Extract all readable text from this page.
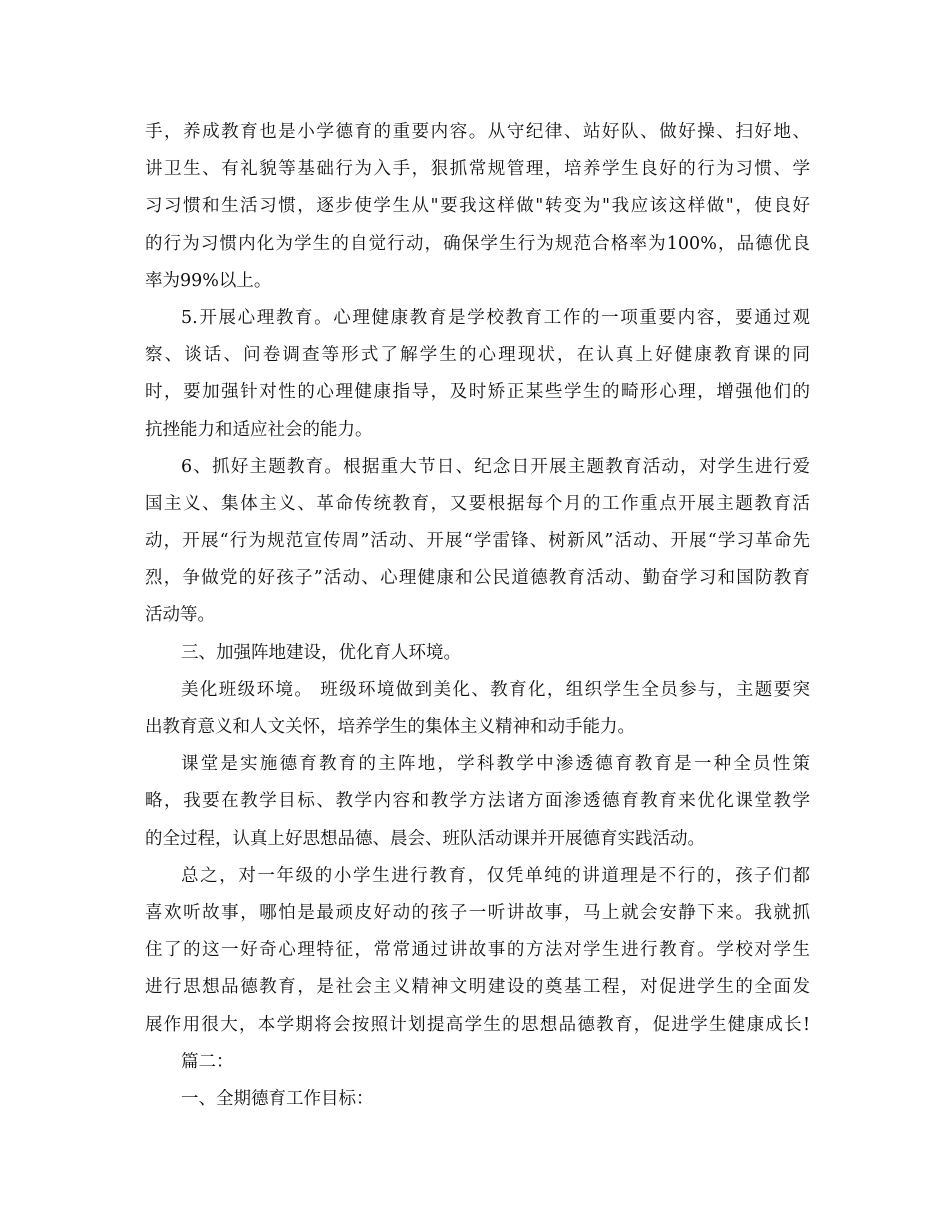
手，养成教育也是小学德育的重要内容。从守纪律、站好队、做好操、扫好地、
讲卫生、有礼貌等基础行为入手，狠抓常规管理，培养学生良好的行为习惯、学
习习惯和生活习惯，逐步使学生从"要我这样做"转变为"我应该这样做"，使良好
的行为习惯内化为学生的自觉行动，确保学生行为规范合格率为100%，品德优良
率为99%以上。
5.开展心理教育。心理健康教育是学校教育工作的一项重要内容，要通过观
察、谈话、问卷调查等形式了解学生的心理现状，在认真上好健康教育课的同
时，要加强针对性的心理健康指导，及时矫正某些学生的畸形心理，增强他们的
抗挫能力和适应社会的能力。
6、抓好主题教育。根据重大节日、纪念日开展主题教育活动，对学生进行爱
国主义、集体主义、革命传统教育，又要根据每个月的工作重点开展主题教育活
动，开展“行为规范宣传周”活动、开展“学雷锋、树新风”活动、开展“学习革命先
烈，争做党的好孩子”活动、心理健康和公民道德教育活动、勤奋学习和国防教育
活动等。
三、加强阵地建设，优化育人环境。
美化班级环境。 班级环境做到美化、教育化，组织学生全员参与，主题要突
出教育意义和人文关怀，培养学生的集体主义精神和动手能力。
课堂是实施德育教育的主阵地，学科教学中渗透德育教育是一种全员性策
略，我要在教学目标、教学内容和教学方法诸方面渗透德育教育来优化课堂教学
的全过程，认真上好思想品德、晨会、班队活动课并开展德育实践活动。
总之，对一年级的小学生进行教育，仅凭单纯的讲道理是不行的，孩子们都
喜欢听故事，哪怕是最顽皮好动的孩子一听讲故事，马上就会安静下来。我就抓
住了的这一好奇心理特征，常常通过讲故事的方法对学生进行教育。学校对学生
进行思想品德教育，是社会主义精神文明建设的奠基工程，对促进学生的全面发
展作用很大，本学期将会按照计划提高学生的思想品德教育，促进学生健康成长!
篇二：
一、全期德育工作目标：
